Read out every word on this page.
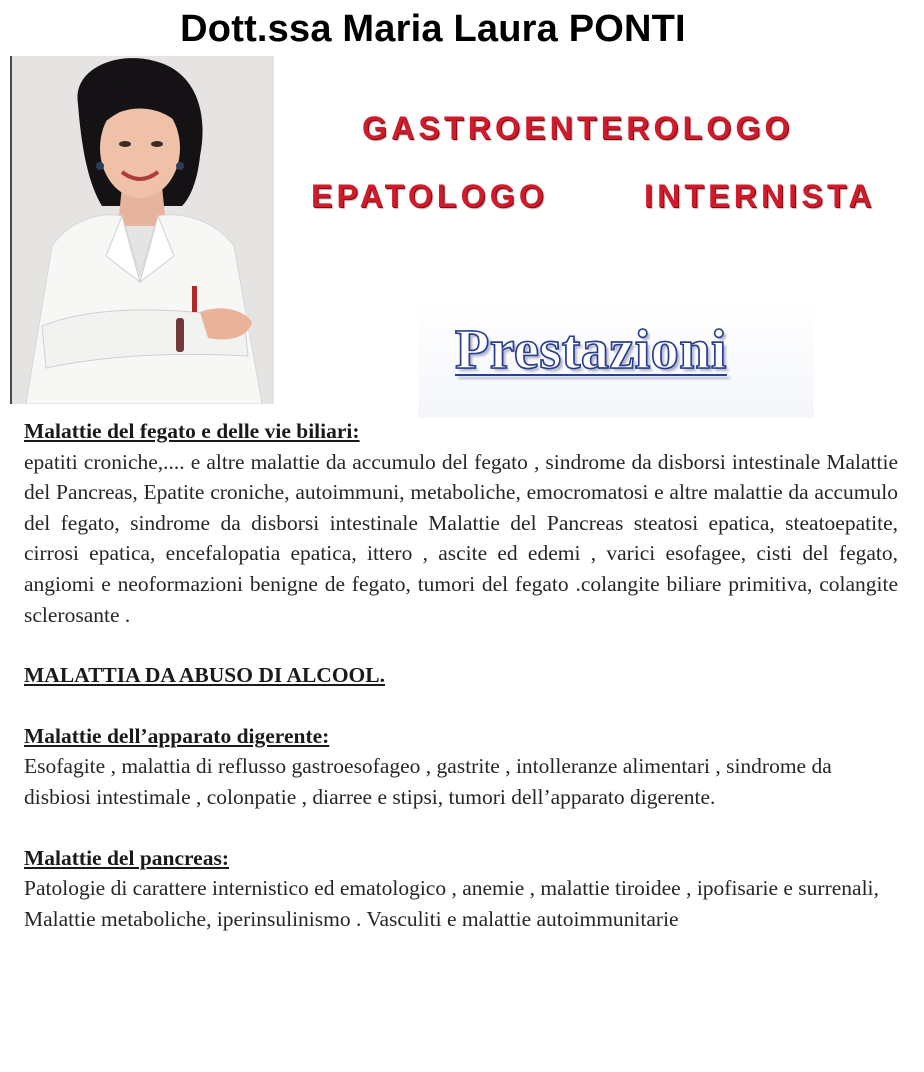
Dott.ssa Maria Laura PONTI
GASTROENTEROLOGO
EPATOLOGO	INTERNISTA
Prestazioni

Malattie del fegato e delle vie biliari:

epatiti croniche,.... e altre malattie da accumulo del fegato , sindrome da disborsi intestinale Malattie del Pancreas, Epatite croniche, autoimmuni, metaboliche, emocromatosi e altre malattie da accumulo del fegato, sindrome da disborsi intestinale Malattie del Pancreas steatosi epatica, steatoepatite, cirrosi epatica, encefalopatia epatica, ittero , ascite ed edemi , varici esofagee, cisti del fegato, angiomi e neoformazioni benigne de fegato, tumori del fegato .colangite biliare primitiva, colangite sclerosante .

MALATTIA DA ABUSO DI ALCOOL.

Malattie dell’apparato digerente:

Esofagite , malattia di reflusso gastroesofageo , gastrite , intolleranze alimentari , sindrome da disbiosi intestimale , colonpatie , diarree e stipsi, tumori dell’apparato digerente.

Malattie del pancreas:

Patologie di carattere internistico ed ematologico , anemie , malattie tiroidee , ipofisarie e surrenali, Malattie metaboliche, iperinsulinismo . Vasculiti e malattie autoimmunitarie
